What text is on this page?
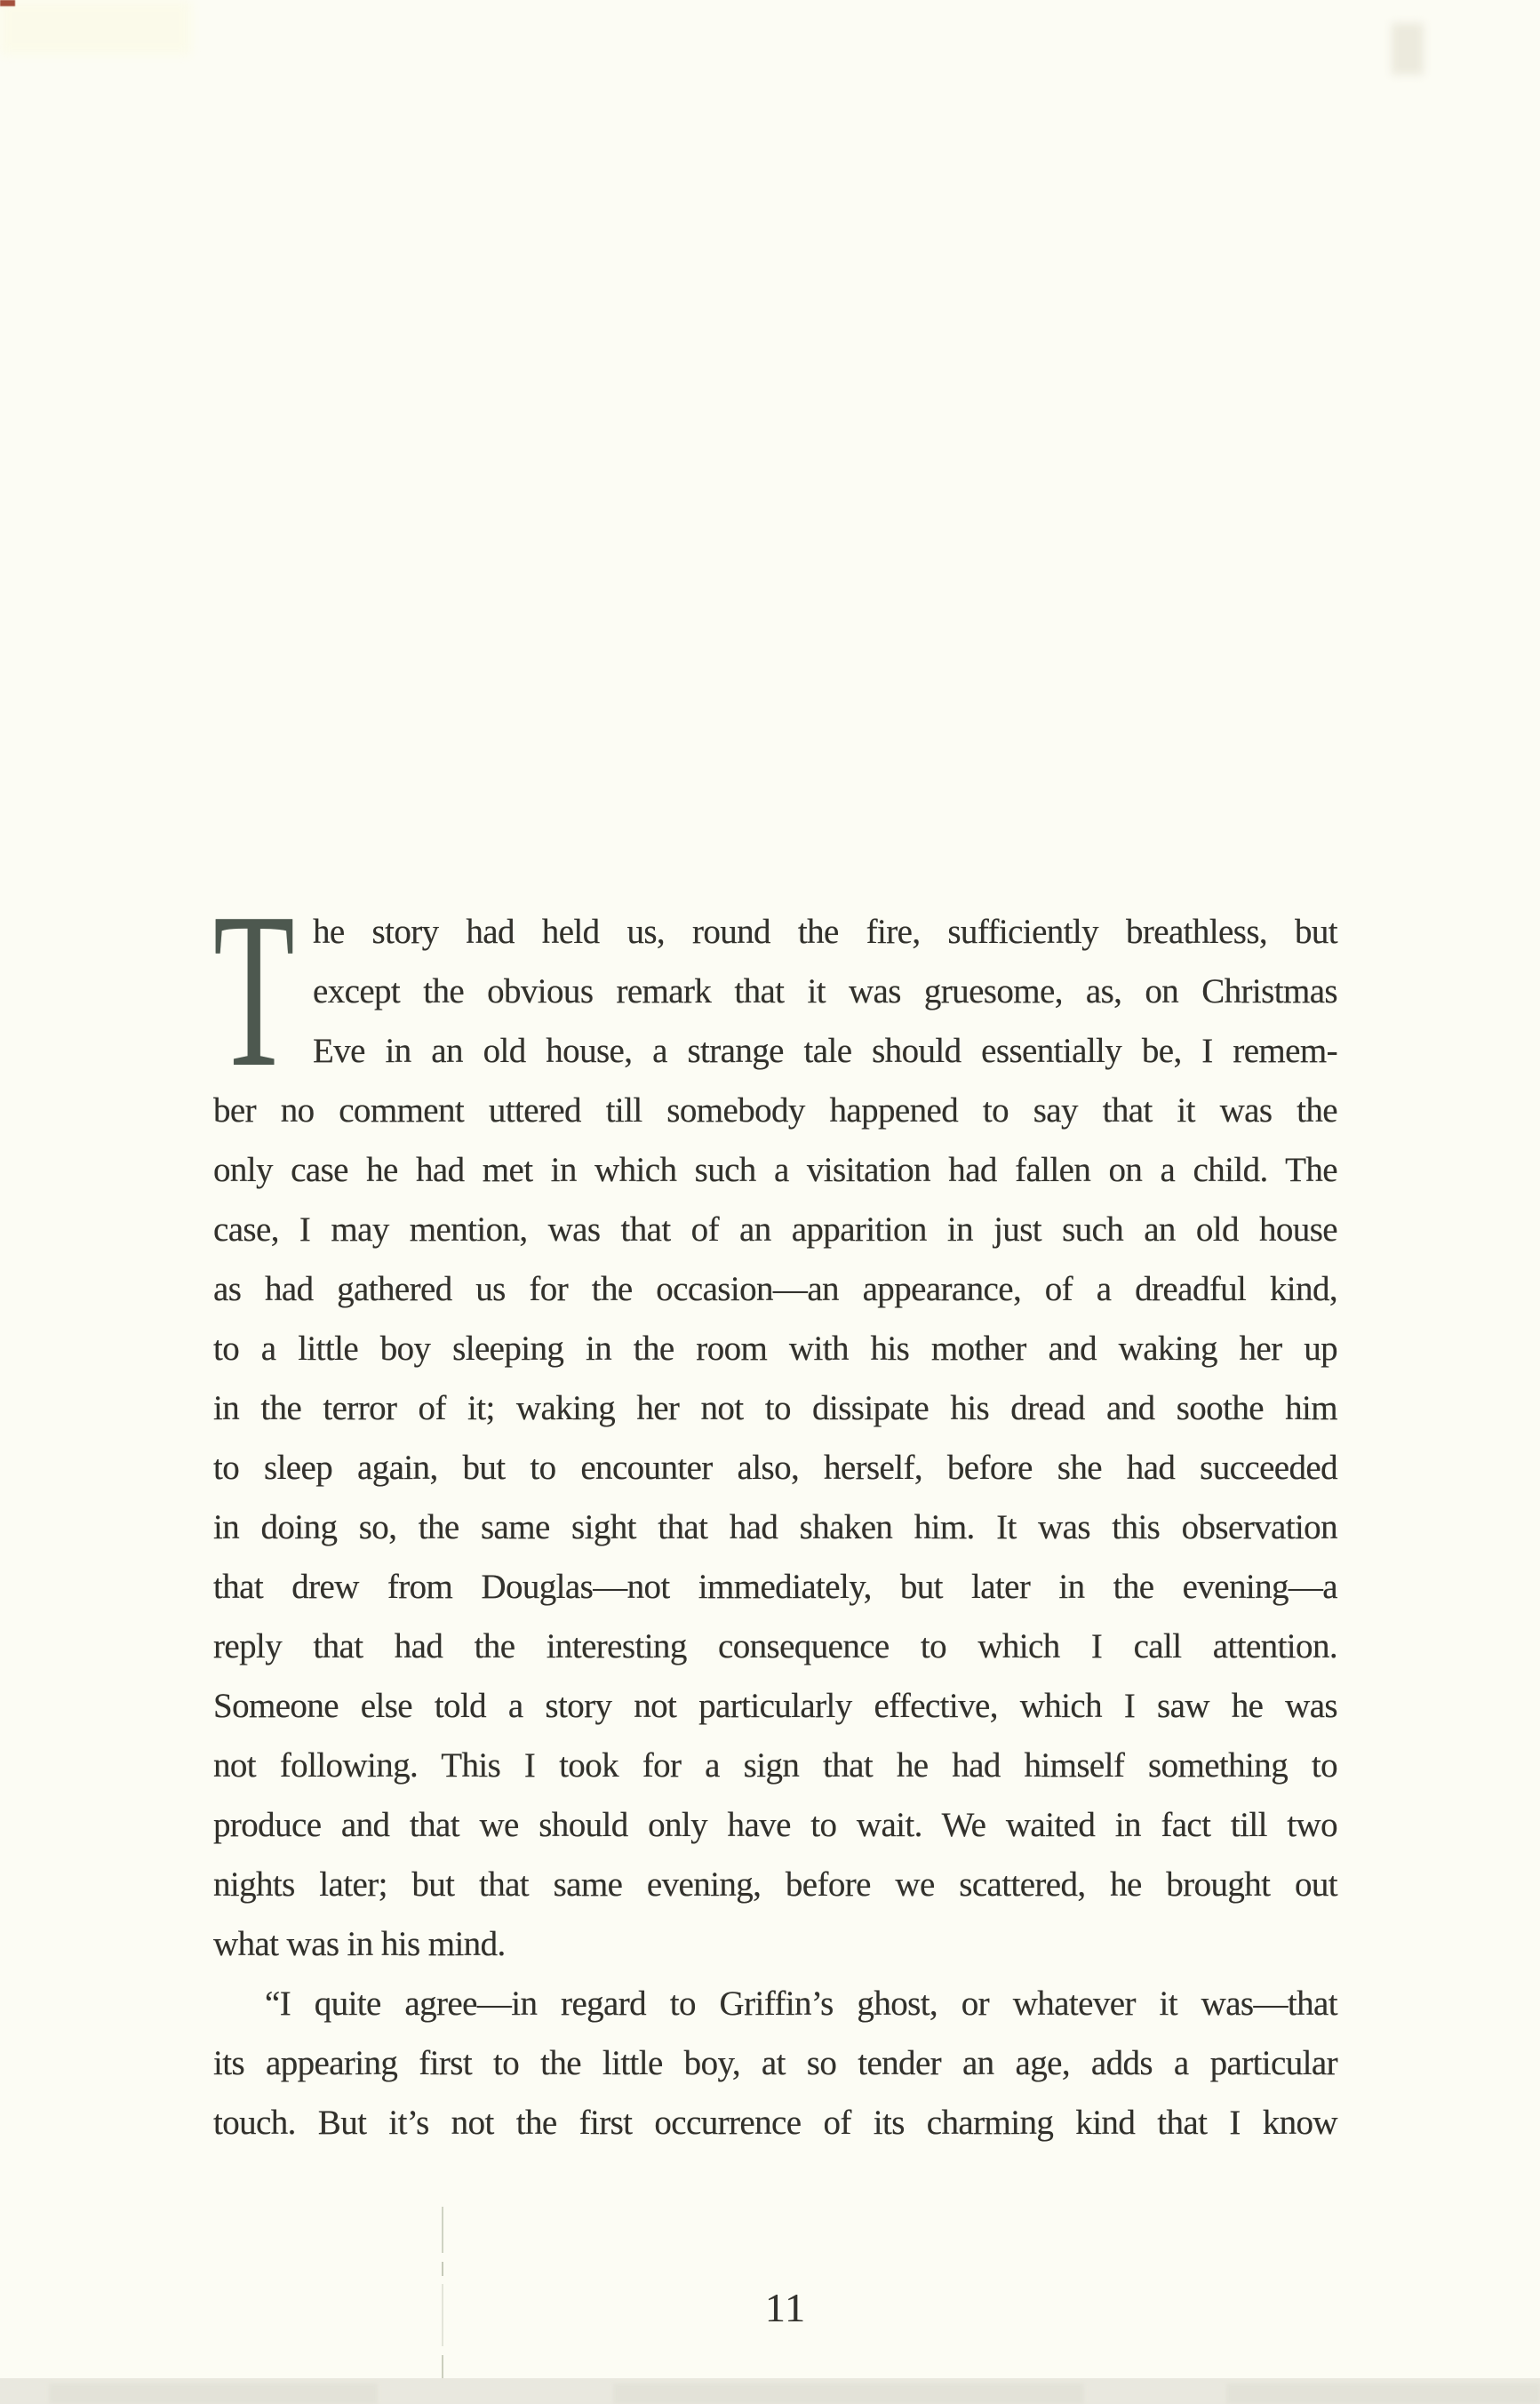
T he story had held us, round the fire, sufficiently breathless, but
except the obvious remark that it was gruesome, as, on Christmas
Eve in an old house, a strange tale should essentially be, I remem-
ber no comment uttered till somebody happened to say that it was the
only case he had met in which such a visitation had fallen on a child. The
case, I may mention, was that of an apparition in just such an old house
as had gathered us for the occasion—an appearance, of a dreadful kind,
to a little boy sleeping in the room with his mother and waking her up
in the terror of it; waking her not to dissipate his dread and soothe him
to sleep again, but to encounter also, herself, before she had succeeded
in doing so, the same sight that had shaken him. It was this observation
that drew from Douglas—not immediately, but later in the evening—a
reply that had the interesting consequence to which I call attention.
Someone else told a story not particularly effective, which I saw he was
not following. This I took for a sign that he had himself something to
produce and that we should only have to wait. We waited in fact till two
nights later; but that same evening, before we scattered, he brought out
what was in his mind.
“I quite agree—in regard to Griffin’s ghost, or whatever it was—that
its appearing first to the little boy, at so tender an age, adds a particular
touch. But it’s not the first occurrence of its charming kind that I know
11
